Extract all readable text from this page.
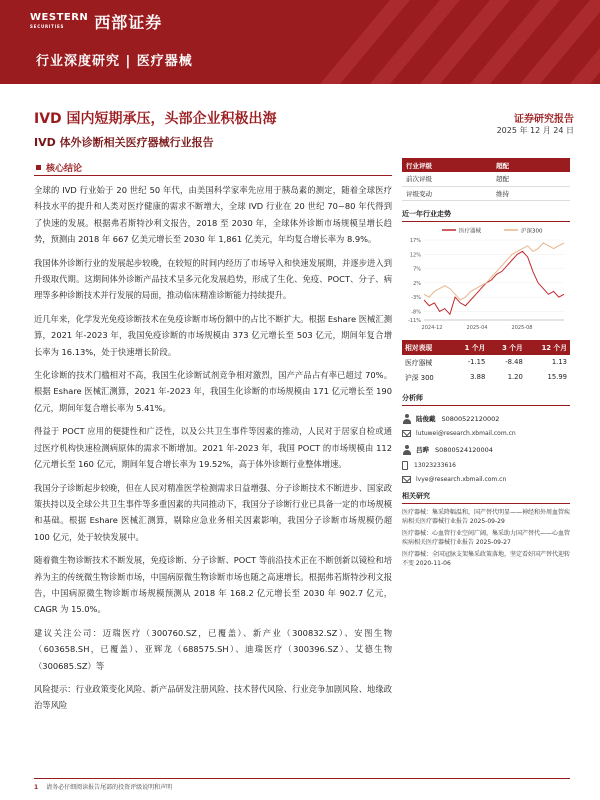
WESTERN
SECURITIES	西部证券
行业深度研究 | 医疗器械
证券研究报告
2025 年 12 月 24 日
IVD 国内短期承压，头部企业积极出海
IVD 体外诊断相关医疗器械行业报告
核心结论

全球的 IVD 行业始于 20 世纪 50 年代，由美国科学家率先应用于胰岛素的测定，随着全球医疗科技水平的提升和人类对医疗健康的需求不断增大，全球 IVD 行业在 20 世纪 70~80 年代得到了快速的发展。根据弗若斯特沙利文报告，2018 至 2030 年，全球体外诊断市场规模呈增长趋势，预测由 2018 年 667 亿美元增长至 2030 年 1,861 亿美元，年均复合增长率为 8.9%。

我国体外诊断行业的发展起步较晚，在较短的时间内经历了市场导入和快速发展期，并逐步进入到升级取代期。这期间体外诊断产品技术呈多元化发展趋势，形成了生化、免疫、POCT、分子、病理等多种诊断技术并行发展的局面，推动临床精准诊断能力持续提升。

近几年来，化学发光免疫诊断技术在免疫诊断市场份额中的占比不断扩大。根据 Eshare 医械汇测算，2021 年-2023 年，我国免疫诊断的市场规模由 373 亿元增长至 503 亿元，期间年复合增长率为 16.13%，处于快速增长阶段。

生化诊断的技术门槛相对不高，我国生化诊断试剂竞争相对激烈，国产产品占有率已超过 70%。根据 Eshare 医械汇测算，2021 年-2023 年，我国生化诊断的市场规模由 171 亿元增长至 190 亿元，期间年复合增长率为 5.41%。

得益于 POCT 应用的便捷性和广泛性，以及公共卫生事件等因素的推动，人民对于居家自检或通过医疗机构快速检测病原体的需求不断增加。2021 年-2023 年，我国 POCT 的市场规模由 112 亿元增长至 160 亿元，期间年复合增长率为 19.52%，高于体外诊断行业整体增速。

我国分子诊断起步较晚，但在人民对精准医学检测需求日益增强、分子诊断技术不断进步、国家政策扶持以及全球公共卫生事件等多重因素的共同推动下，我国分子诊断行业已具备一定的市场规模和基础。根据 Eshare 医械汇测算，剔除应急业务相关因素影响，我国分子诊断市场规模仍超 100 亿元，处于较快发展中。

随着微生物诊断技术不断发展，免疫诊断、分子诊断、POCT 等前沿技术正在不断创新以镜检和培养为主的传统微生物诊断市场，中国病原微生物诊断市场也随之高速增长。根据弗若斯特沙利文报告，中国病原微生物诊断市场规模预测从 2018 年 168.2 亿元增长至 2030 年 902.7 亿元，CAGR 为 15.0%。

建议关注公司：迈瑞医疗（300760.SZ，已覆盖）、新产业（300832.SZ）、安图生物（603658.SH，已覆盖）、亚辉龙（688575.SH）、迪瑞医疗（300396.SZ）、艾德生物（300685.SZ）等

风险提示：行业政策变化风险、新产品研发注册风险、技术替代风险、行业竞争加剧风险、地缘政治等风险

行业评级	超配
前次评级	超配
评级变动	维持
近一年行业走势
医疗器械	沪深300
17%
12%
7%
2%
-3%
-8%
-11%
2024-12	2025-04	2025-08
相对表现	1 个月	3 个月	12 个月
医疗器械	-1.15	-8.48	1.13
沪深 300	3.88	1.20	15.99
分析师
陆俊戴 S0800522120002
lutuwei@research.xbmail.com.cn
吕晔 S0800524120004
13023233616
lvye@research.xbmail.com.cn
相关研究

医疗器械：集采降幅温和，国产替代明显——神经和外周血管疾病相关医疗器械行业报告 2025-09-29

医疗器械：心血管行业空间广阔，集采助力国产替代——心血管疾病相关医疗器械行业报告 2025-09-27

医疗器械：全国冠脉支架集采政策落地，坚定看好国产替代迎转不变 2020-11-06

1 请务必仔细阅读报告尾部的投资评级说明和声明
